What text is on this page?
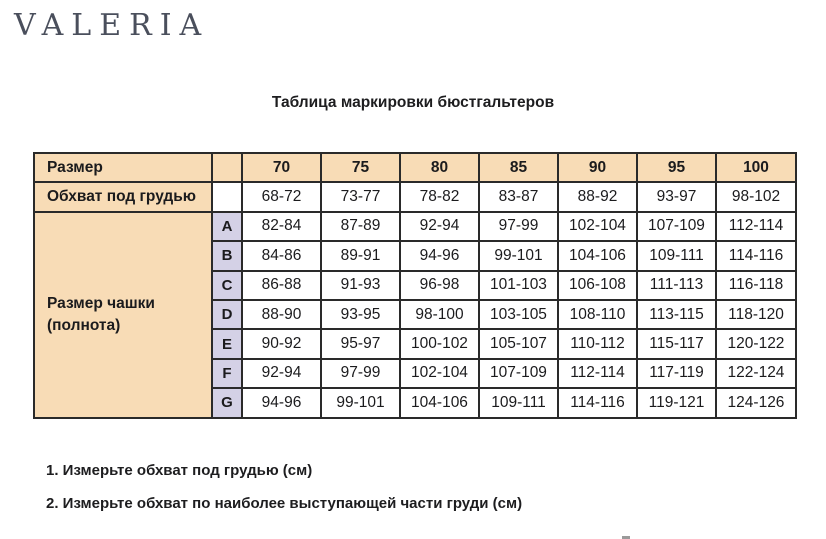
VALERIA
Таблица маркировки бюстгальтеров
Размер		70	75	80	85	90	95	100
Обхват под грудью		68-72	73-77	78-82	83-87	88-92	93-97	98-102
Размер чашки (полнота)	A	82-84	87-89	92-94	97-99	102-104	107-109	112-114
	B	84-86	89-91	94-96	99-101	104-106	109-111	114-116
	C	86-88	91-93	96-98	101-103	106-108	111-113	116-118
	D	88-90	93-95	98-100	103-105	108-110	113-115	118-120
	E	90-92	95-97	100-102	105-107	110-112	115-117	120-122
	F	92-94	97-99	102-104	107-109	112-114	117-119	122-124
	G	94-96	99-101	104-106	109-111	114-116	119-121	124-126
1. Измерьте обхват под грудью (см)
2. Измерьте обхват по наиболее выступающей части груди (см)
